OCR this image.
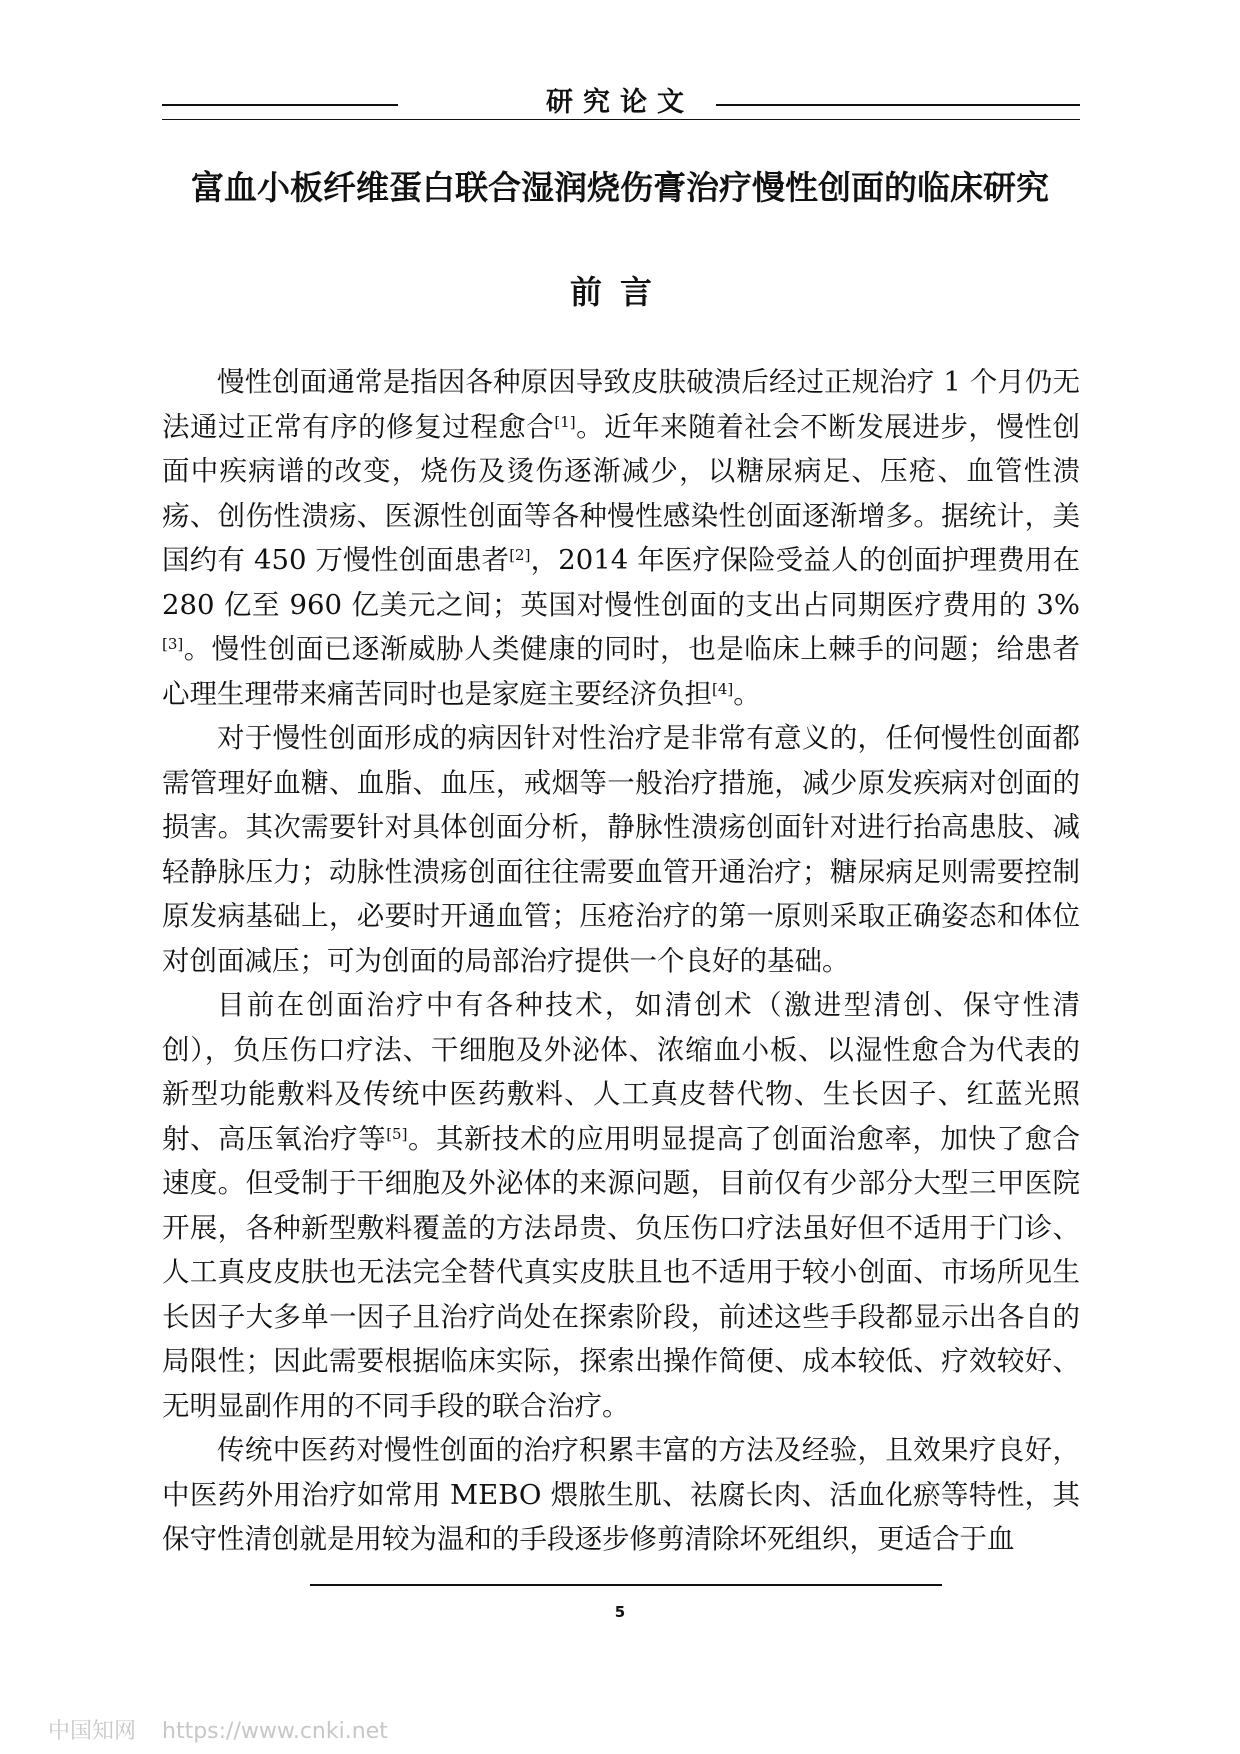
研究论文
富血小板纤维蛋白联合湿润烧伤膏治疗慢性创面的临床研究
前言

慢性创面通常是指因各种原因导致皮肤破溃后经过正规治疗 1 个月仍无法通过正常有序的修复过程愈合[1]。近年来随着社会不断发展进步，慢性创面中疾病谱的改变，烧伤及烫伤逐渐减少，以糖尿病足、压疮、血管性溃疡、创伤性溃疡、医源性创面等各种慢性感染性创面逐渐增多。据统计，美国约有 450 万慢性创面患者[2]，2014 年医疗保险受益人的创面护理费用在 280 亿至 960 亿美元之间；英国对慢性创面的支出占同期医疗费用的 3%[3]。慢性创面已逐渐威胁人类健康的同时，也是临床上棘手的问题；给患者心理生理带来痛苦同时也是家庭主要经济负担[4]。

对于慢性创面形成的病因针对性治疗是非常有意义的，任何慢性创面都需管理好血糖、血脂、血压，戒烟等一般治疗措施，减少原发疾病对创面的损害。其次需要针对具体创面分析，静脉性溃疡创面针对进行抬高患肢、减轻静脉压力；动脉性溃疡创面往往需要血管开通治疗；糖尿病足则需要控制原发病基础上，必要时开通血管；压疮治疗的第一原则采取正确姿态和体位对创面减压；可为创面的局部治疗提供一个良好的基础。

目前在创面治疗中有各种技术，如清创术（激进型清创、保守性清创），负压伤口疗法、干细胞及外泌体、浓缩血小板、以湿性愈合为代表的新型功能敷料及传统中医药敷料、人工真皮替代物、生长因子、红蓝光照射、高压氧治疗等[5]。其新技术的应用明显提高了创面治愈率，加快了愈合速度。但受制于干细胞及外泌体的来源问题，目前仅有少部分大型三甲医院开展，各种新型敷料覆盖的方法昂贵、负压伤口疗法虽好但不适用于门诊、人工真皮皮肤也无法完全替代真实皮肤且也不适用于较小创面、市场所见生长因子大多单一因子且治疗尚处在探索阶段，前述这些手段都显示出各自的局限性；因此需要根据临床实际，探索出操作简便、成本较低、疗效较好、无明显副作用的不同手段的联合治疗。

传统中医药对慢性创面的治疗积累丰富的方法及经验，且效果疗良好，中医药外用治疗如常用 MEBO 煨脓生肌、祛腐长肉、活血化瘀等特性，其保守性清创就是用较为温和的手段逐步修剪清除坏死组织，更适合于血

5
中国知网 https://www.cnki.net
